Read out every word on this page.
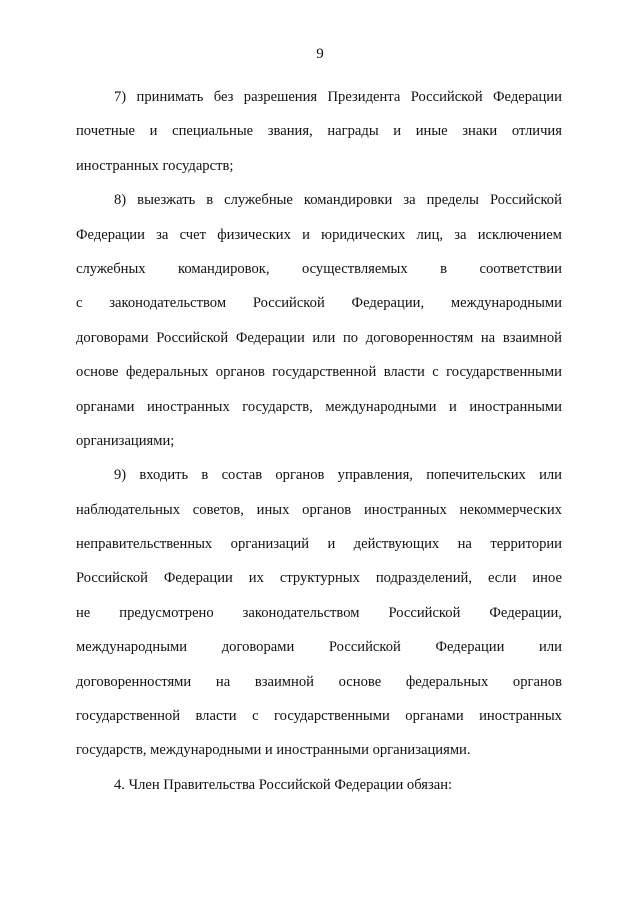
9
7) принимать без разрешения Президента Российской Федерации
почетные и специальные звания, награды и иные знаки отличия
иностранных государств;
8) выезжать в служебные командировки за пределы Российской
Федерации за счет физических и юридических лиц, за исключением
служебных командировок, осуществляемых в соответствии
с законодательством Российской Федерации, международными
договорами Российской Федерации или по договоренностям на взаимной
основе федеральных органов государственной власти с государственными
органами иностранных государств, международными и иностранными
организациями;
9) входить в состав органов управления, попечительских или
наблюдательных советов, иных органов иностранных некоммерческих
неправительственных организаций и действующих на территории
Российской Федерации их структурных подразделений, если иное
не предусмотрено законодательством Российской Федерации,
международными договорами Российской Федерации или
договоренностями на взаимной основе федеральных органов
государственной власти с государственными органами иностранных
государств, международными и иностранными организациями.
4. Член Правительства Российской Федерации обязан:
